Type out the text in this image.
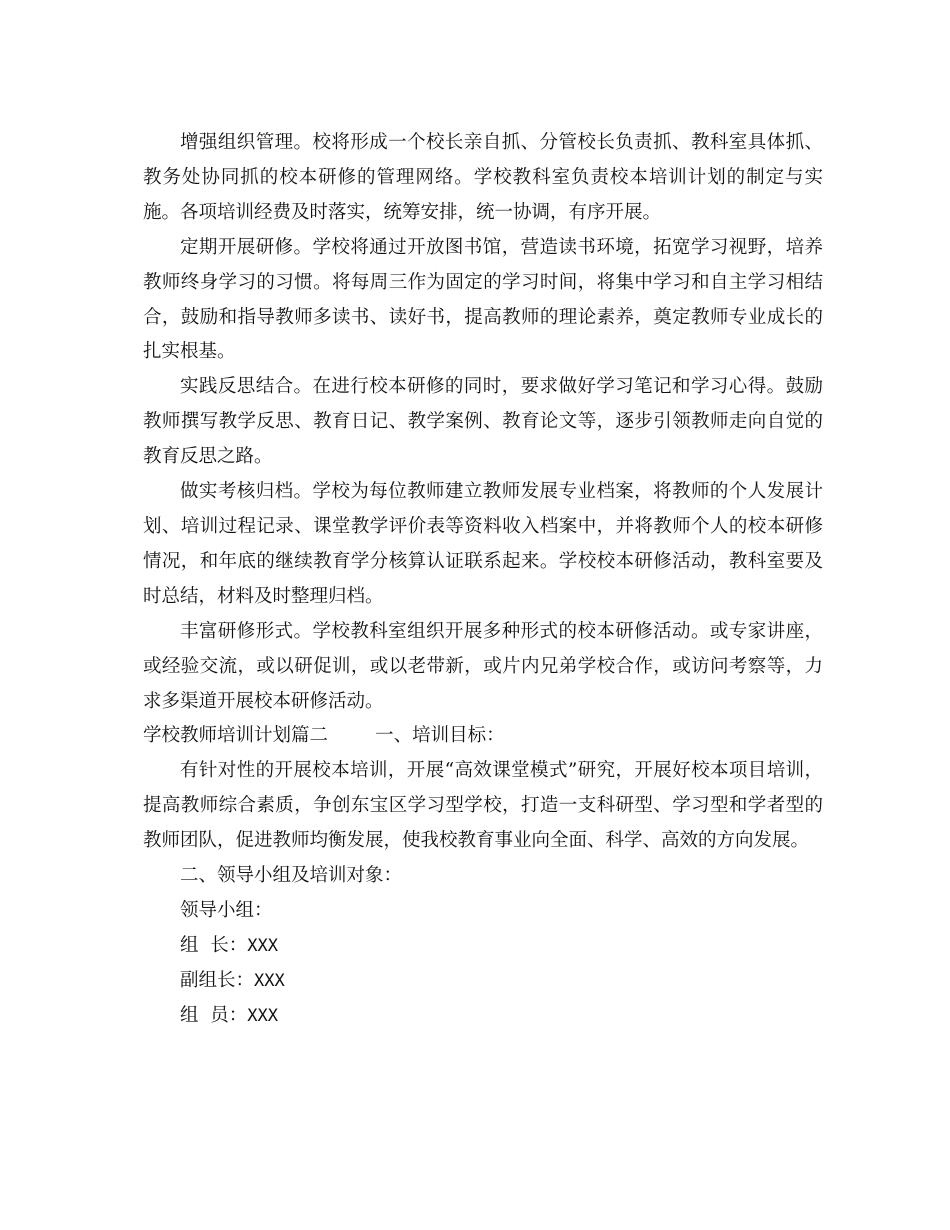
增强组织管理。校将形成一个校长亲自抓、分管校长负责抓、教科室具体抓、教务处协同抓的校本研修的管理网络。学校教科室负责校本培训计划的制定与实施。各项培训经费及时落实，统筹安排，统一协调，有序开展。

定期开展研修。学校将通过开放图书馆，营造读书环境，拓宽学习视野，培养教师终身学习的习惯。将每周三作为固定的学习时间，将集中学习和自主学习相结合，鼓励和指导教师多读书、读好书，提高教师的理论素养，奠定教师专业成长的扎实根基。

实践反思结合。在进行校本研修的同时，要求做好学习笔记和学习心得。鼓励教师撰写教学反思、教育日记、教学案例、教育论文等，逐步引领教师走向自觉的教育反思之路。

做实考核归档。学校为每位教师建立教师发展专业档案，将教师的个人发展计划、培训过程记录、课堂教学评价表等资料收入档案中，并将教师个人的校本研修情况，和年底的继续教育学分核算认证联系起来。学校校本研修活动，教科室要及时总结，材料及时整理归档。

丰富研修形式。学校教科室组织开展多种形式的校本研修活动。或专家讲座，或经验交流，或以研促训，或以老带新，或片内兄弟学校合作，或访问考察等，力求多渠道开展校本研修活动。

学校教师培训计划篇二	一、培训目标：

有针对性的开展校本培训，开展“高效课堂模式”研究，开展好校本项目培训，提高教师综合素质，争创东宝区学习型学校，打造一支科研型、学习型和学者型的教师团队，促进教师均衡发展，使我校教育事业向全面、科学、高效的方向发展。

二、领导小组及培训对象：

领导小组：

组  长：XXX

副组长：XXX

组  员：XXX
